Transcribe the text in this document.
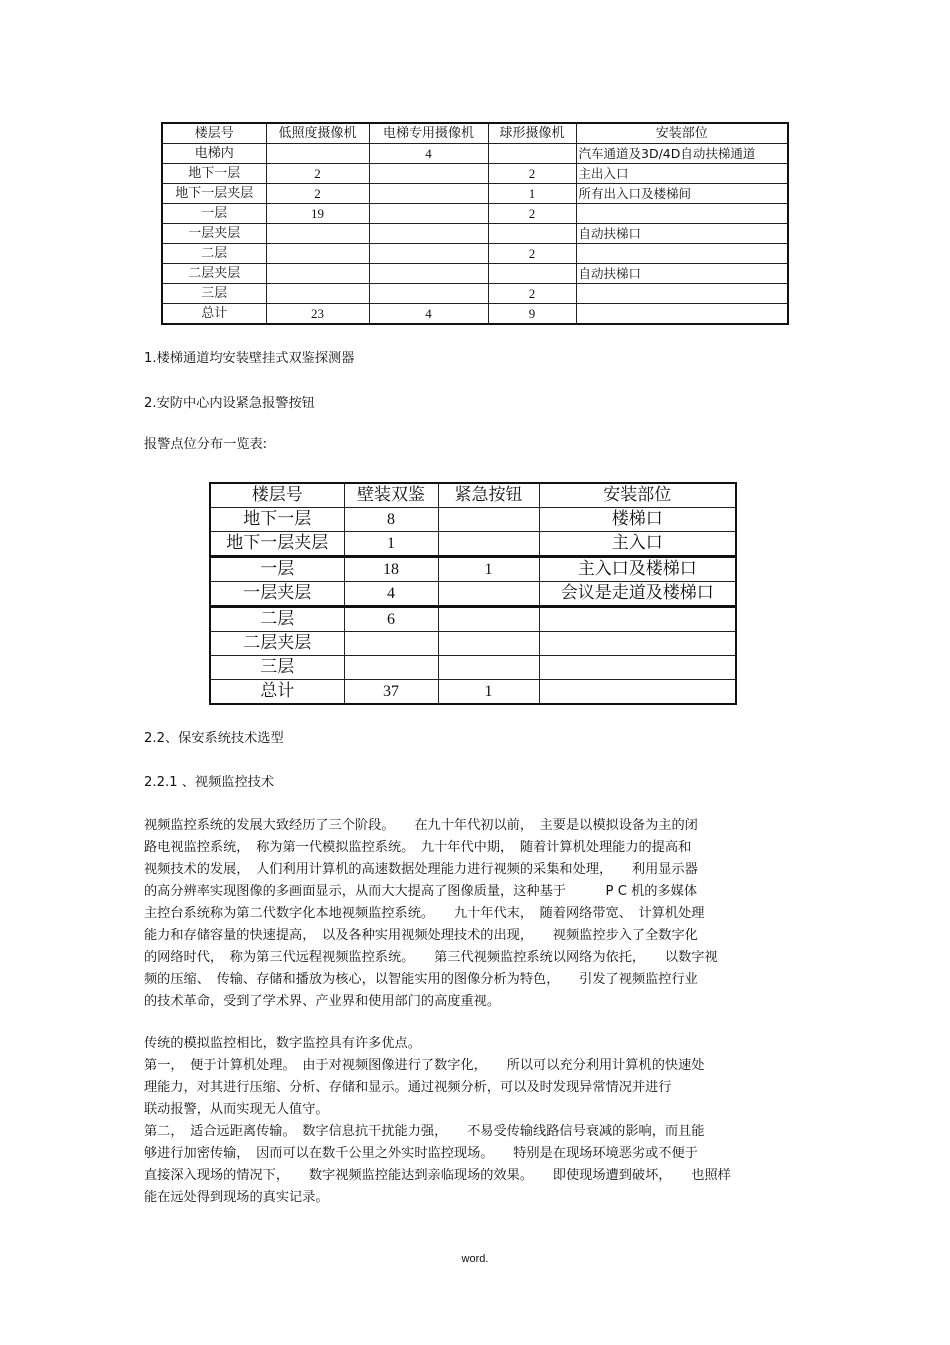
楼层号	低照度摄像机	电梯专用摄像机	球形摄像机	安装部位
电梯内		4		汽车通道及3D/4D自动扶梯通道
地下一层	2		2	主出入口
地下一层夹层	2		1	所有出入口及楼梯间
一层	19		2	
一层夹层				自动扶梯口
二层			2	
二层夹层				自动扶梯口
三层			2	
总计	23	4	9	
1.楼梯通道均安装壁挂式双鉴探测器
2.安防中心内设紧急报警按钮
报警点位分布一览表:
楼层号	壁装双鉴	紧急按钮	安装部位
地下一层	8		楼梯口
地下一层夹层	1		主入口
一层	18	1	主入口及楼梯口
一层夹层	4		会议是走道及楼梯口
二层	6		
二层夹层			
三层			
总计	37	1	
2.2、保安系统技术选型
2.2.1 、视频监控技术
视频监控系统的发展大致经历了三个阶段。　　在九十年代初以前，　主要是以模拟设备为主的闭
路电视监控系统，　称为第一代模拟监控系统。　九十年代中期，　随着计算机处理能力的提高和
视频技术的发展，　人们利用计算机的高速数据处理能力进行视频的采集和处理，　　利用显示器
的高分辨率实现图像的多画面显示，从而大大提高了图像质量，这种基于　　　P C 机的多媒体
主控台系统称为第二代数字化本地视频监控系统。　　九十年代末，　随着网络带宽、　计算机处理
能力和存储容量的快速提高，　以及各种实用视频处理技术的出现，　　视频监控步入了全数字化
的网络时代，　称为第三代远程视频监控系统。　　第三代视频监控系统以网络为依托，　　以数字视
频的压缩、　传输、存储和播放为核心，以智能实用的图像分析为特色，　　引发了视频监控行业
的技术革命，受到了学术界、产业界和使用部门的高度重视。
传统的模拟监控相比，数字监控具有许多优点。
第一，　便于计算机处理。　由于对视频图像进行了数字化，　　所以可以充分利用计算机的快速处
理能力，对其进行压缩、分析、存储和显示。通过视频分析，可以及时发现异常情况并进行
联动报警，从而实现无人值守。
第二，　适合远距离传输。　数字信息抗干扰能力强，　　不易受传输线路信号衰减的影响，而且能
够进行加密传输，　因而可以在数千公里之外实时监控现场。　　特别是在现场环境恶劣或不便于
直接深入现场的情况下，　　数字视频监控能达到亲临现场的效果。　　即使现场遭到破坏，　　也照样
能在远处得到现场的真实记录。
word.
